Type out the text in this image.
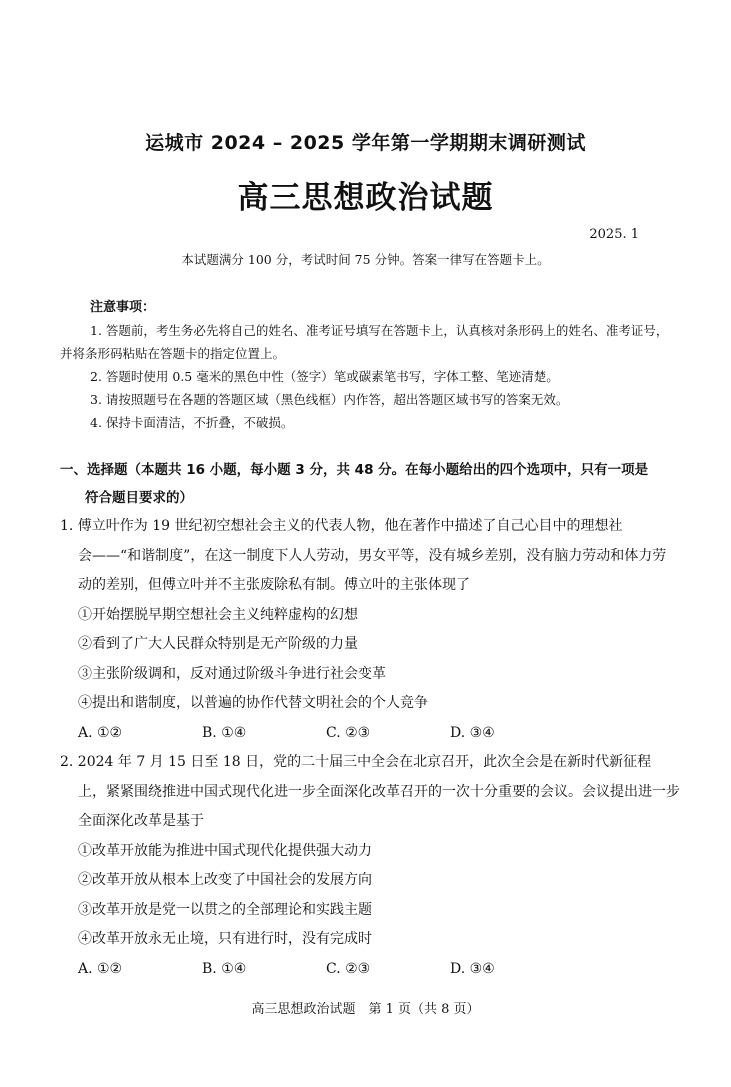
运城市 2024 – 2025 学年第一学期期末调研测试
高三思想政治试题
2025. 1
本试题满分 100 分，考试时间 75 分钟。答案一律写在答题卡上。
注意事项：
1. 答题前，考生务必先将自己的姓名、准考证号填写在答题卡上，认真核对条形码上的姓名、准考证号，并将条形码粘贴在答题卡的指定位置上。
2. 答题时使用 0.5 毫米的黑色中性（签字）笔或碳素笔书写，字体工整、笔迹清楚。
3. 请按照题号在各题的答题区域（黑色线框）内作答，超出答题区域书写的答案无效。
4. 保持卡面清洁，不折叠，不破损。
一、选择题（本题共 16 小题，每小题 3 分，共 48 分。在每小题给出的四个选项中，只有一项是
符合题目要求的）
1. 傅立叶作为 19 世纪初空想社会主义的代表人物，他在著作中描述了自己心目中的理想社
会——“和谐制度”，在这一制度下人人劳动，男女平等，没有城乡差别，没有脑力劳动和体力劳动的差别，但傅立叶并不主张废除私有制。傅立叶的主张体现了
①开始摆脱早期空想社会主义纯粹虚构的幻想
②看到了广大人民群众特别是无产阶级的力量
③主张阶级调和，反对通过阶级斗争进行社会变革
④提出和谐制度，以普遍的协作代替文明社会的个人竞争
A. ①②	B. ①④	C. ②③	D. ③④
2. 2024 年 7 月 15 日至 18 日，党的二十届三中全会在北京召开，此次全会是在新时代新征程
上，紧紧围绕推进中国式现代化进一步全面深化改革召开的一次十分重要的会议。会议提出进一步全面深化改革是基于
①改革开放能为推进中国式现代化提供强大动力
②改革开放从根本上改变了中国社会的发展方向
③改革开放是党一以贯之的全部理论和实践主题
④改革开放永无止境，只有进行时，没有完成时
A. ①②	B. ①④	C. ②③	D. ③④
高三思想政治试题　第 1 页（共 8 页）
